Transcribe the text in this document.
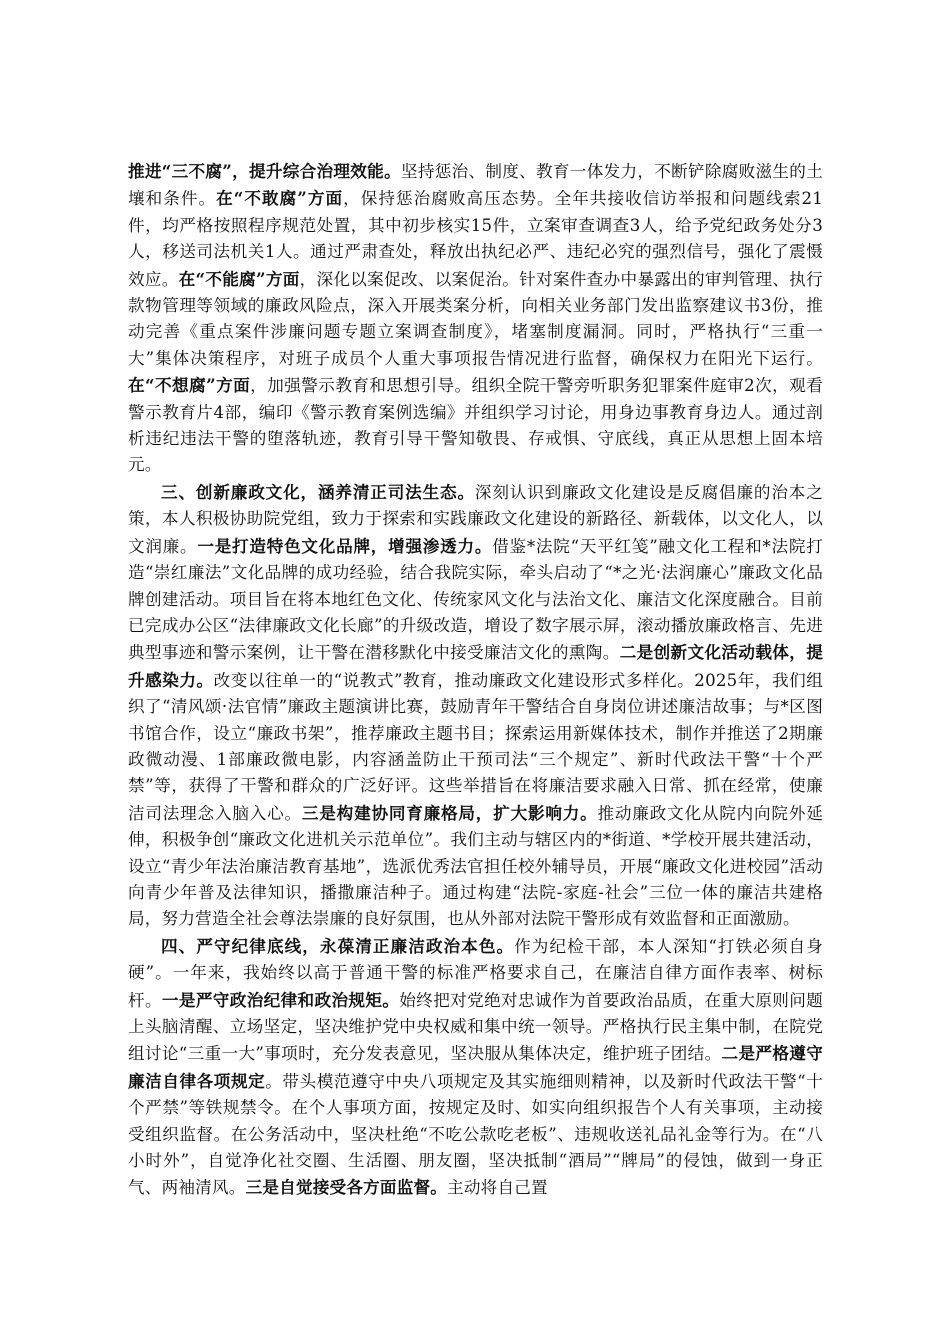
推进“三不腐”，提升综合治理效能。坚持惩治、制度、教育一体发力，不断铲除腐败滋生的土壤和条件。在“不敢腐”方面，保持惩治腐败高压态势。全年共接收信访举报和问题线索21件，均严格按照程序规范处置，其中初步核实15件，立案审查调查3人，给予党纪政务处分3人，移送司法机关1人。通过严肃查处，释放出执纪必严、违纪必究的强烈信号，强化了震慑效应。在“不能腐”方面，深化以案促改、以案促治。针对案件查办中暴露出的审判管理、执行款物管理等领域的廉政风险点，深入开展类案分析，向相关业务部门发出监察建议书3份，推动完善《重点案件涉廉问题专题立案调查制度》，堵塞制度漏洞。同时，严格执行“三重一大”集体决策程序，对班子成员个人重大事项报告情况进行监督，确保权力在阳光下运行。在“不想腐”方面，加强警示教育和思想引导。组织全院干警旁听职务犯罪案件庭审2次，观看警示教育片4部，编印《警示教育案例选编》并组织学习讨论，用身边事教育身边人。通过剖析违纪违法干警的堕落轨迹，教育引导干警知敬畏、存戒惧、守底线，真正从思想上固本培元。

三、创新廉政文化，涵养清正司法生态。深刻认识到廉政文化建设是反腐倡廉的治本之策，本人积极协助院党组，致力于探索和实践廉政文化建设的新路径、新载体，以文化人，以文润廉。一是打造特色文化品牌，增强渗透力。借鉴*法院“天平红笺”融文化工程和*法院打造“崇红廉法”文化品牌的成功经验，结合我院实际，牵头启动了“*之光·法润廉心”廉政文化品牌创建活动。项目旨在将本地红色文化、传统家风文化与法治文化、廉洁文化深度融合。目前已完成办公区“法律廉政文化长廊”的升级改造，增设了数字展示屏，滚动播放廉政格言、先进典型事迹和警示案例，让干警在潜移默化中接受廉洁文化的熏陶。二是创新文化活动载体，提升感染力。改变以往单一的“说教式”教育，推动廉政文化建设形式多样化。2025年，我们组织了“清风颂·法官情”廉政主题演讲比赛，鼓励青年干警结合自身岗位讲述廉洁故事；与*区图书馆合作，设立“廉政书架”，推荐廉政主题书目；探索运用新媒体技术，制作并推送了2期廉政微动漫、1部廉政微电影，内容涵盖防止干预司法“三个规定”、新时代政法干警“十个严禁”等，获得了干警和群众的广泛好评。这些举措旨在将廉洁要求融入日常、抓在经常，使廉洁司法理念入脑入心。三是构建协同育廉格局，扩大影响力。推动廉政文化从院内向院外延伸，积极争创“廉政文化进机关示范单位”。我们主动与辖区内的*街道、*学校开展共建活动，设立“青少年法治廉洁教育基地”，选派优秀法官担任校外辅导员，开展“廉政文化进校园”活动向青少年普及法律知识，播撒廉洁种子。通过构建“法院-家庭-社会”三位一体的廉洁共建格局，努力营造全社会尊法崇廉的良好氛围，也从外部对法院干警形成有效监督和正面激励。

四、严守纪律底线，永葆清正廉洁政治本色。作为纪检干部，本人深知“打铁必须自身硬”。一年来，我始终以高于普通干警的标准严格要求自己，在廉洁自律方面作表率、树标杆。一是严守政治纪律和政治规矩。始终把对党绝对忠诚作为首要政治品质，在重大原则问题上头脑清醒、立场坚定，坚决维护党中央权威和集中统一领导。严格执行民主集中制，在院党组讨论“三重一大”事项时，充分发表意见，坚决服从集体决定，维护班子团结。二是严格遵守廉洁自律各项规定。带头模范遵守中央八项规定及其实施细则精神，以及新时代政法干警“十个严禁”等铁规禁令。在个人事项方面，按规定及时、如实向组织报告个人有关事项，主动接受组织监督。在公务活动中，坚决杜绝“不吃公款吃老板”、违规收送礼品礼金等行为。在“八小时外”，自觉净化社交圈、生活圈、朋友圈，坚决抵制“酒局”“牌局”的侵蚀，做到一身正气、两袖清风。三是自觉接受各方面监督。主动将自己置
